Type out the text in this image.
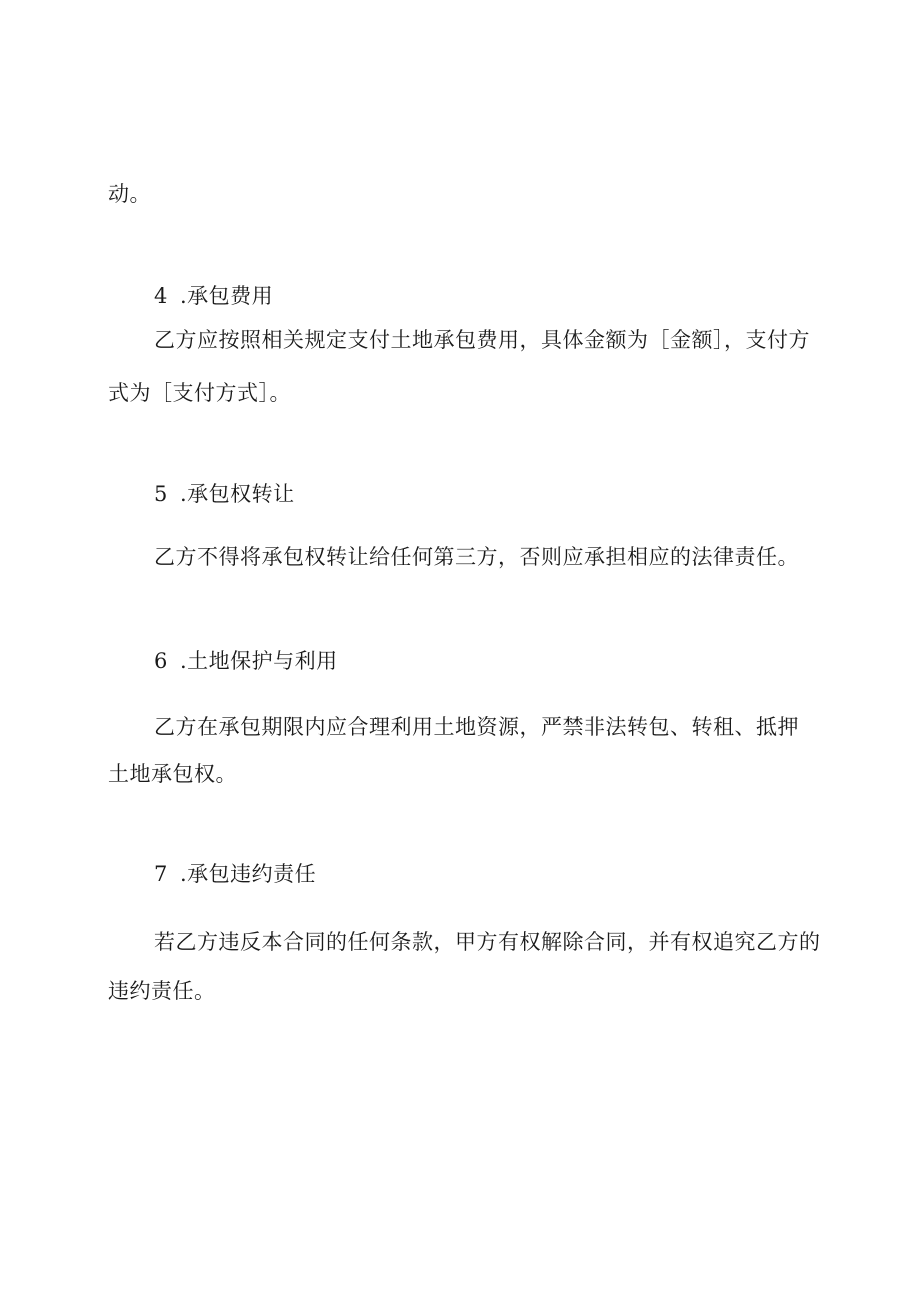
动。
4 .承包费用
乙方应按照相关规定支付土地承包费用，具体金额为［金额］，支付方
式为［支付方式］。
5 .承包权转让
乙方不得将承包权转让给任何第三方，否则应承担相应的法律责任。
6 .土地保护与利用
乙方在承包期限内应合理利用土地资源，严禁非法转包、转租、抵押
土地承包权。
7 .承包违约责任
若乙方违反本合同的任何条款，甲方有权解除合同，并有权追究乙方的
违约责任。
